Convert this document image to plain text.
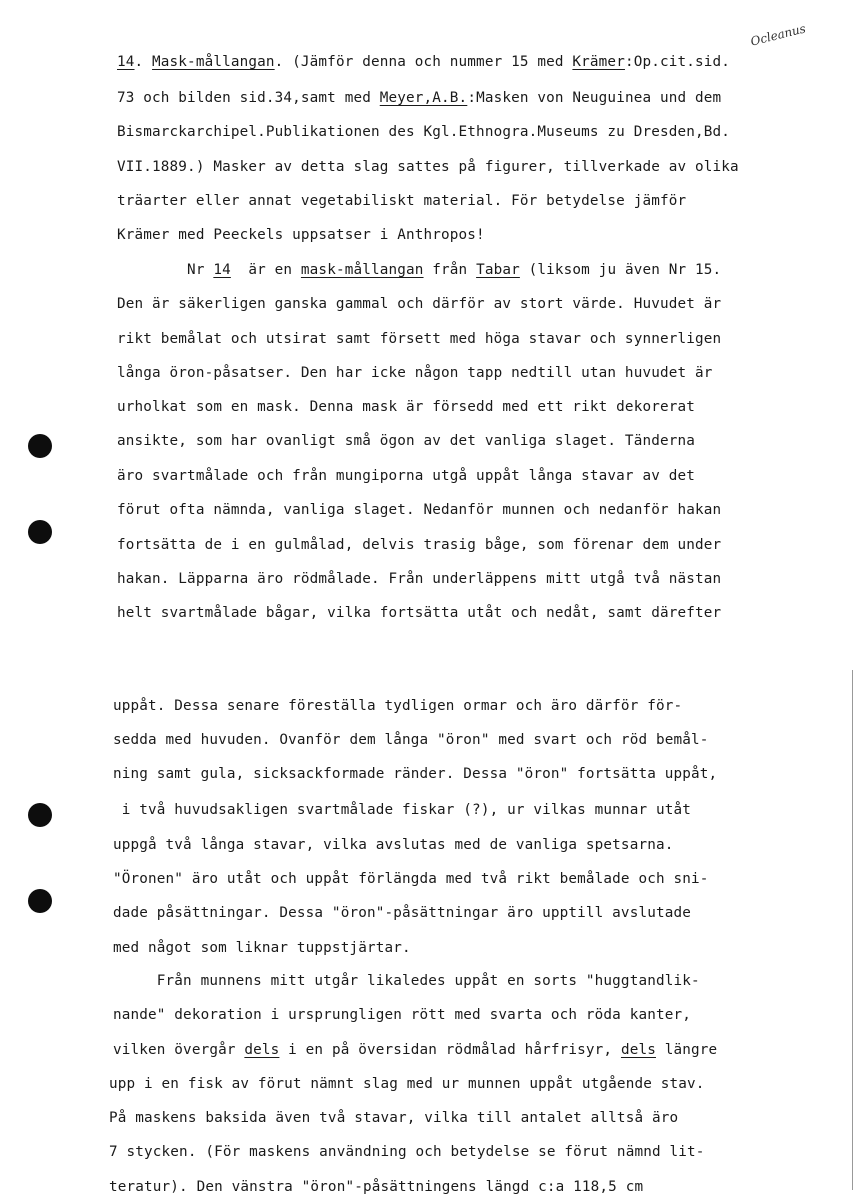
Ocleanus
14. Mask-mållangan. (Jämför denna och nummer 15 med Krämer:Op.cit.sid.
73 och bilden sid.34,samt med Meyer,A.B.:Masken von Neuguinea und dem
Bismarckarchipel.Publikationen des Kgl.Ethnogra.Museums zu Dresden,Bd.
VII.1889.) Masker av detta slag sattes på figurer, tillverkade av olika
träarter eller annat vegetabiliskt material. För betydelse jämför
Krämer med Peeckels uppsatser i Anthropos!
Nr 14  är en mask-mållangan från Tabar (liksom ju även Nr 15.
Den är säkerligen ganska gammal och därför av stort värde. Huvudet är
rikt bemålat och utsirat samt försett med höga stavar och synnerligen
långa öron-påsatser. Den har icke någon tapp nedtill utan huvudet är
urholkat som en mask. Denna mask är försedd med ett rikt dekorerat
ansikte, som har ovanligt små ögon av det vanliga slaget. Tänderna
äro svartmålade och från mungiporna utgå uppåt långa stavar av det
förut ofta nämnda, vanliga slaget. Nedanför munnen och nedanför hakan
fortsätta de i en gulmålad, delvis trasig båge, som förenar dem under
hakan. Läpparna äro rödmålade. Från underläppens mitt utgå två nästan
helt svartmålade bågar, vilka fortsätta utåt och nedåt, samt därefter
uppåt. Dessa senare föreställa tydligen ormar och äro därför för-
sedda med huvuden. Ovanför dem långa "öron" med svart och röd bemål-
ning samt gula, sicksackformade ränder. Dessa "öron" fortsätta uppåt,
i två huvudsakligen svartmålade fiskar (?), ur vilkas munnar utåt
uppgå två långa stavar, vilka avslutas med de vanliga spetsarna.
"Öronen" äro utåt och uppåt förlängda med två rikt bemålade och sni-
dade påsättningar. Dessa "öron"-påsättningar äro upptill avslutade
med något som liknar tuppstjärtar.
Från munnens mitt utgår likaledes uppåt en sorts "huggtandlik-
nande" dekoration i ursprungligen rött med svarta och röda kanter,
vilken övergår dels i en på översidan rödmålad hårfrisyr, dels längre
upp i en fisk av förut nämnt slag med ur munnen uppåt utgående stav.
På maskens baksida även två stavar, vilka till antalet alltså äro
7 stycken. (För maskens användning och betydelse se förut nämnd lit-
teratur). Den vänstra "öron"-påsättningens längd c:a 118,5 cm
